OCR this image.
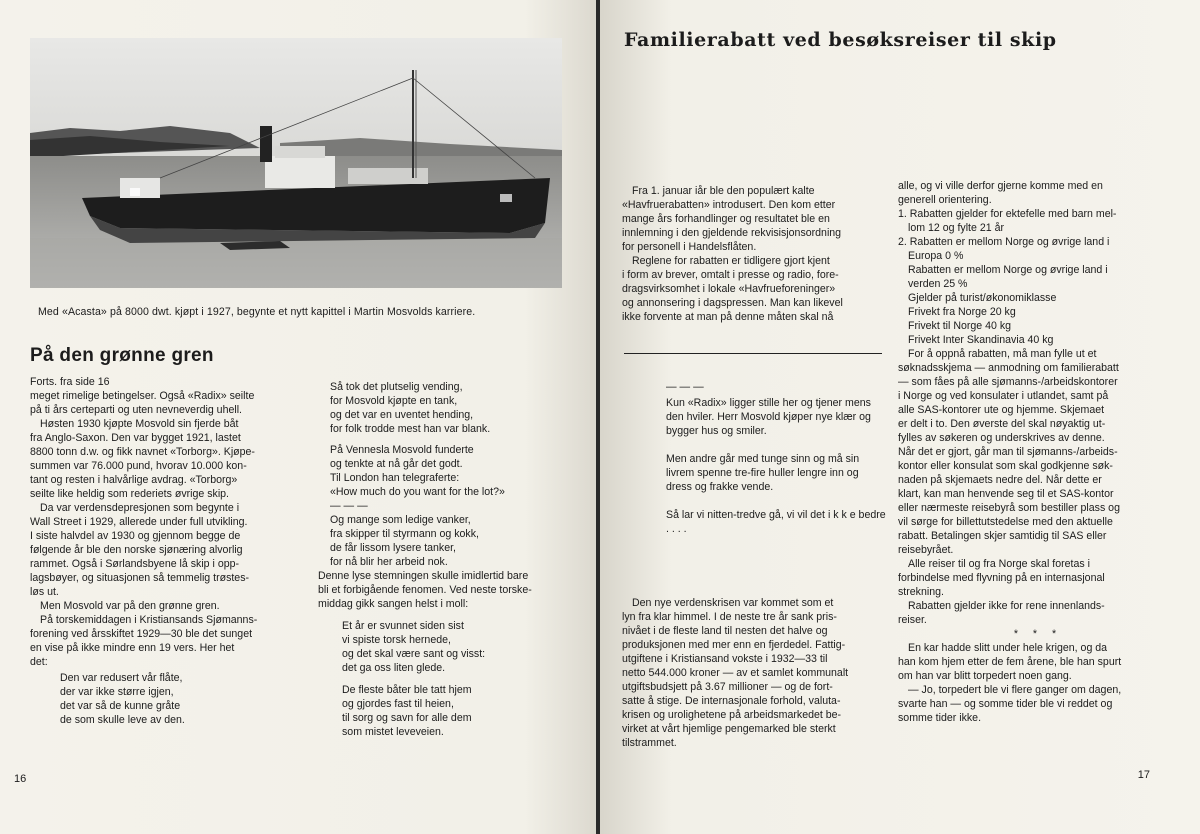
Med «Acasta» på 8000 dwt. kjøpt i 1927, begynte et nytt kapittel i Martin Mosvolds karriere.
På den grønne gren
Forts. fra side 16
meget rimelige betingelser. Også «Radix» seilte
på ti års certeparti og uten nevneverdig uhell.
Høsten 1930 kjøpte Mosvold sin fjerde båt
fra Anglo-Saxon. Den var bygget 1921, lastet
8800 tonn d.w. og fikk navnet «Torborg». Kjøpe-
summen var 76.000 pund, hvorav 10.000 kon-
tant og resten i halvårlige avdrag. «Torborg»
seilte like heldig som rederiets øvrige skip.
Da var verdensdepresjonen som begynte i
Wall Street i 1929, allerede under full utvikling.
I siste halvdel av 1930 og gjennom begge de
følgende år ble den norske sjønæring alvorlig
rammet. Også i Sørlandsbyene lå skip i opp-
lagsbøyer, og situasjonen så temmelig trøstes-
løs ut.
Men Mosvold var på den grønne gren.
På torskemiddagen i Kristiansands Sjømanns-
forening ved årsskiftet 1929—30 ble det sunget
en vise på ikke mindre enn 19 vers. Her het
det:
Den var redusert vår flåte,
der var ikke større igjen,
det var så de kunne gråte
de som skulle leve av den.
Så tok det plutselig vending,
for Mosvold kjøpte en tank,
og det var en uventet hending,
for folk trodde mest han var blank.
På Vennesla Mosvold funderte
og tenkte at nå går det godt.
Til London han telegraferte:
«How much do you want for the lot?»
— — —
Og mange som ledige vanker,
fra skipper til styrmann og kokk,
de får lissom lysere tanker,
for nå blir her arbeid nok.
Denne lyse stemningen skulle imidlertid bare
bli et forbigående fenomen. Ved neste torske-
middag gikk sangen helst i moll:
Et år er svunnet siden sist
vi spiste torsk hernede,
og det skal være sant og visst:
det ga oss liten glede.
De fleste båter ble tatt hjem
og gjordes fast til heien,
til sorg og savn for alle dem
som mistet leveveien.
16
Familierabatt ved besøksreiser til skip
Fra 1. januar iår ble den populært kalte
«Havfruerabatten» introdusert. Den kom etter
mange års forhandlinger og resultatet ble en
innlemning i den gjeldende rekvisisjonsordning
for personell i Handelsflåten.
Reglene for rabatten er tidligere gjort kjent
i form av brever, omtalt i presse og radio, fore-
dragsvirksomhet i lokale «Havfrueforeninger»
og annonsering i dagspressen. Man kan likevel
ikke forvente at man på denne måten skal nå
— — —
Kun «Radix» ligger stille her og tjener mens den hviler. Herr Mosvold kjøper nye klær og bygger hus og smiler.
Men andre går med tunge sinn og må sin livrem spenne tre-fire huller lengre inn og dress og frakke vende.
Så lar vi nitten-tredve gå, vi vil det i k k e bedre . . . .
Den nye verdenskrisen var kommet som et
lyn fra klar himmel. I de neste tre år sank pris-
nivået i de fleste land til nesten det halve og
produksjonen med mer enn en fjerdedel. Fattig-
utgiftene i Kristiansand vokste i 1932—33 til
netto 544.000 kroner — av et samlet kommunalt
utgiftsbudsjett på 3.67 millioner — og de fort-
satte å stige. De internasjonale forhold, valuta-
krisen og urolighetene på arbeidsmarkedet be-
virket at vårt hjemlige pengemarked ble sterkt
tilstrammet.
alle, og vi ville derfor gjerne komme med en
generell orientering.
1. Rabatten gjelder for ektefelle med barn mel-
lom 12 og fylte 21 år
2. Rabatten er mellom Norge og øvrige land i
Europa 0 %
Rabatten er mellom Norge og øvrige land i
verden 25 %
Gjelder på turist/økonomiklasse
Frivekt fra Norge 20 kg
Frivekt til Norge 40 kg
Frivekt Inter Skandinavia 40 kg
For å oppnå rabatten, må man fylle ut et
søknadsskjema — anmodning om familierabatt
— som fåes på alle sjømanns-/arbeidskontorer
i Norge og ved konsulater i utlandet, samt på
alle SAS-kontorer ute og hjemme. Skjemaet
er delt i to. Den øverste del skal nøyaktig ut-
fylles av søkeren og underskrives av denne.
Når det er gjort, går man til sjømanns-/arbeids-
kontor eller konsulat som skal godkjenne søk-
naden på skjemaets nedre del. Når dette er
klart, kan man henvende seg til et SAS-kontor
eller nærmeste reisebyrå som bestiller plass og
vil sørge for billettutstedelse med den aktuelle
rabatt. Betalingen skjer samtidig til SAS eller
reisebyrået.
Alle reiser til og fra Norge skal foretas i
forbindelse med flyvning på en internasjonal
strekning.
Rabatten gjelder ikke for rene innenlands-
reiser.
* * *
En kar hadde slitt under hele krigen, og da
han kom hjem etter de fem årene, ble han spurt
om han var blitt torpedert noen gang.
— Jo, torpedert ble vi flere ganger om dagen,
svarte han — og somme tider ble vi reddet og
somme tider ikke.
17
